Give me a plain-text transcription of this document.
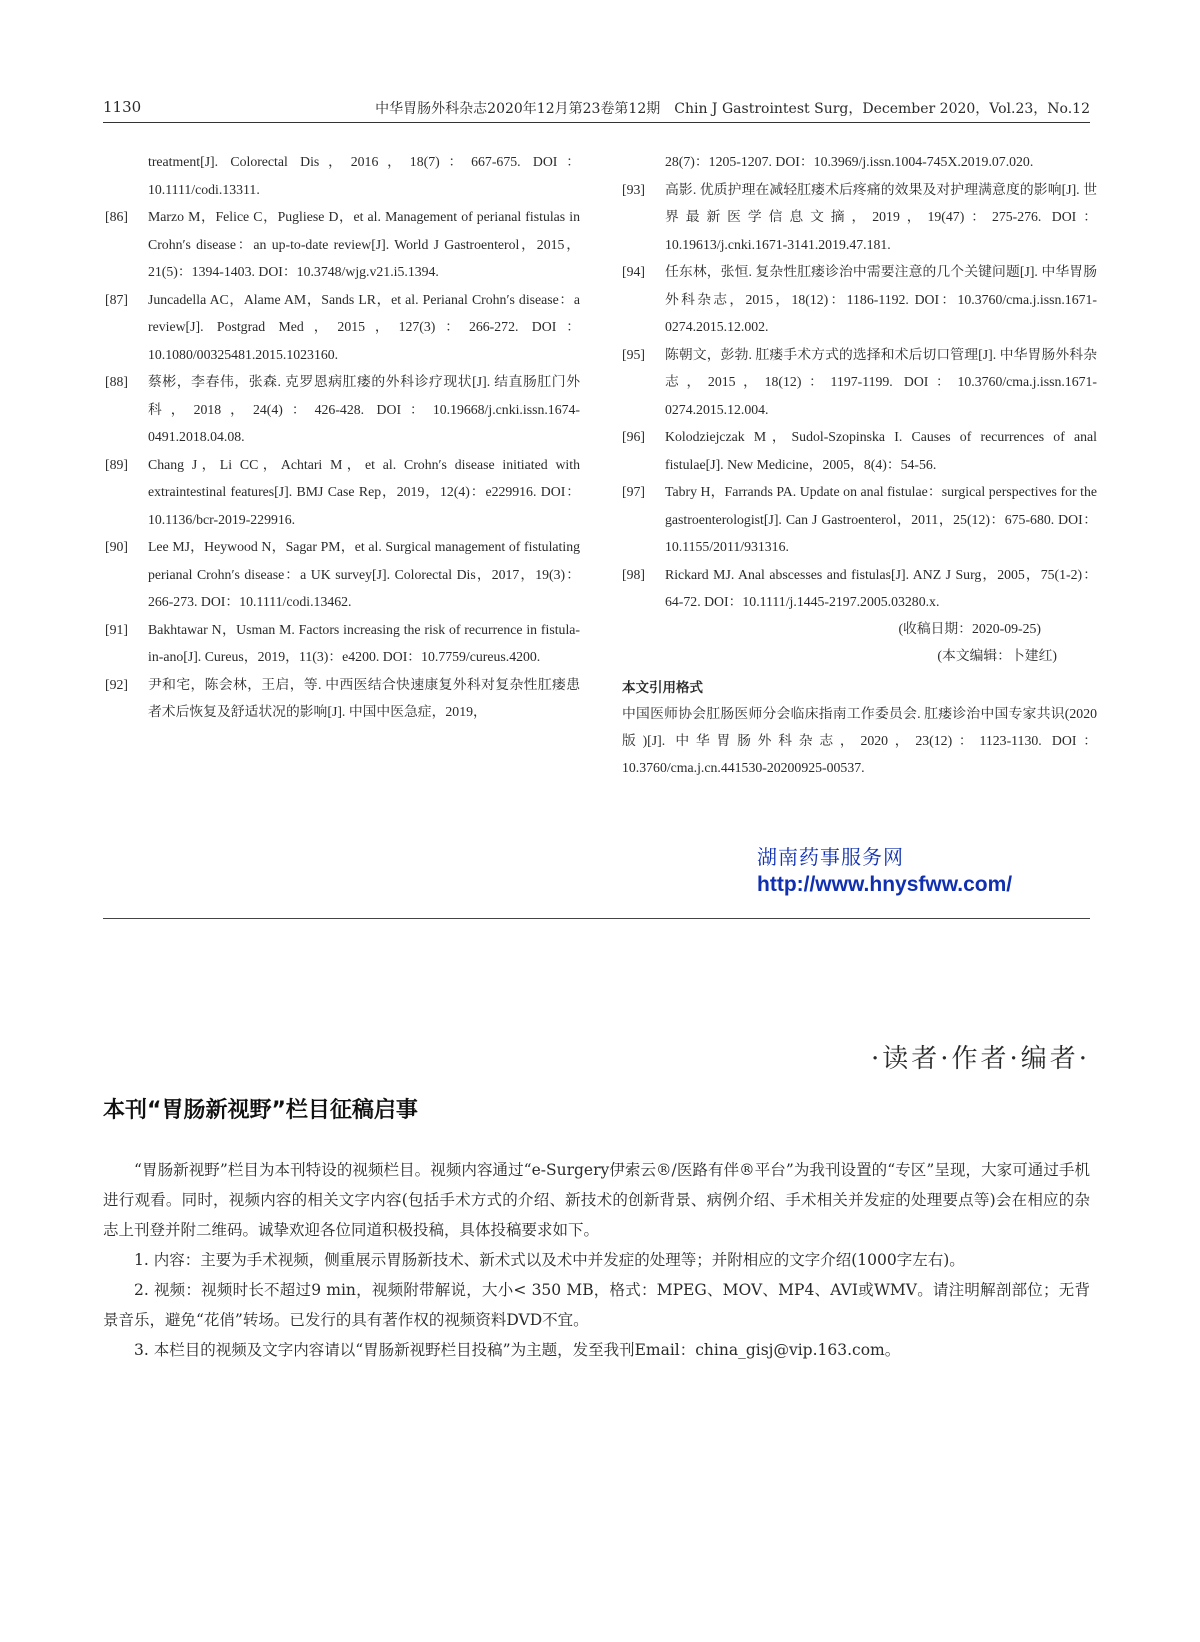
1130	中华胃肠外科杂志2020年12月第23卷第12期　Chin J Gastrointest Surg，December 2020，Vol.23，No.12
treatment[J]. Colorectal Dis，2016，18(7)：667-675. DOI：10.1111/codi.13311.
[86] Marzo M，Felice C，Pugliese D，et al. Management of perianal fistulas in Crohn′s disease：an up-to-date review[J]. World J Gastroenterol，2015，21(5)：1394-1403. DOI：10.3748/wjg.v21.i5.1394.
[87] Juncadella AC，Alame AM，Sands LR，et al. Perianal Crohn′s disease：a review[J]. Postgrad Med，2015，127(3)：266-272. DOI：10.1080/00325481.2015.1023160.
[88] 蔡彬，李春伟，张森. 克罗恩病肛瘘的外科诊疗现状[J]. 结直肠肛门外科，2018，24(4)：426-428. DOI：10.19668/j.cnki.issn.1674-0491.2018.04.08.
[89] Chang J，Li CC，Achtari M，et al. Crohn′s disease initiated with extraintestinal features[J]. BMJ Case Rep，2019，12(4)：e229916. DOI：10.1136/bcr-2019-229916.
[90] Lee MJ，Heywood N，Sagar PM，et al. Surgical management of fistulating perianal Crohn′s disease：a UK survey[J]. Colorectal Dis，2017，19(3)：266-273. DOI：10.1111/codi.13462.
[91] Bakhtawar N，Usman M. Factors increasing the risk of recurrence in fistula-in-ano[J]. Cureus，2019，11(3)：e4200. DOI：10.7759/cureus.4200.
[92] 尹和宅，陈会林，王启，等. 中西医结合快速康复外科对复杂性肛瘘患者术后恢复及舒适状况的影响[J]. 中国中医急症，2019，
28(7)：1205-1207. DOI：10.3969/j.issn.1004-745X.2019.07.020.
[93] 高影. 优质护理在减轻肛瘘术后疼痛的效果及对护理满意度的影响[J]. 世界最新医学信息文摘，2019，19(47)：275-276. DOI：10.19613/j.cnki.1671-3141.2019.47.181.
[94] 任东林，张恒. 复杂性肛瘘诊治中需要注意的几个关键问题[J]. 中华胃肠外科杂志，2015，18(12)：1186-1192. DOI：10.3760/cma.j.issn.1671-0274.2015.12.002.
[95] 陈朝文，彭勃. 肛瘘手术方式的选择和术后切口管理[J]. 中华胃肠外科杂志，2015，18(12)：1197-1199. DOI：10.3760/cma.j.issn.1671-0274.2015.12.004.
[96] Kolodziejczak M，Sudol-Szopinska I. Causes of recurrences of anal fistulae[J]. New Medicine，2005，8(4)：54-56.
[97] Tabry H，Farrands PA. Update on anal fistulae：surgical perspectives for the gastroenterologist[J]. Can J Gastroenterol，2011，25(12)：675-680. DOI：10.1155/2011/931316.
[98] Rickard MJ. Anal abscesses and fistulas[J]. ANZ J Surg，2005，75(1-2)：64-72. DOI：10.1111/j.1445-2197.2005.03280.x.
(收稿日期：2020-09-25)
(本文编辑：卜建红)
本文引用格式
中国医师协会肛肠医师分会临床指南工作委员会. 肛瘘诊治中国专家共识(2020版)[J]. 中华胃肠外科杂志，2020，23(12)：1123-1130. DOI：10.3760/cma.j.cn.441530-20200925-00537.
湖南药事服务网
http://www.hnysfww.com/
·读者·作者·编者·
本刊“胃肠新视野”栏目征稿启事

“胃肠新视野”栏目为本刊特设的视频栏目。视频内容通过“e-Surgery伊索云®/医路有伴®平台”为我刊设置的“专区”呈现，大家可通过手机进行观看。同时，视频内容的相关文字内容(包括手术方式的介绍、新技术的创新背景、病例介绍、手术相关并发症的处理要点等)会在相应的杂志上刊登并附二维码。诚挚欢迎各位同道积极投稿，具体投稿要求如下。

1. 内容：主要为手术视频，侧重展示胃肠新技术、新术式以及术中并发症的处理等；并附相应的文字介绍(1000字左右)。

2. 视频：视频时长不超过9 min，视频附带解说，大小< 350 MB，格式：MPEG、MOV、MP4、AVI或WMV。请注明解剖部位；无背景音乐，避免“花俏”转场。已发行的具有著作权的视频资料DVD不宜。

3. 本栏目的视频及文字内容请以“胃肠新视野栏目投稿”为主题，发至我刊Email：china_gisj@vip.163.com。
